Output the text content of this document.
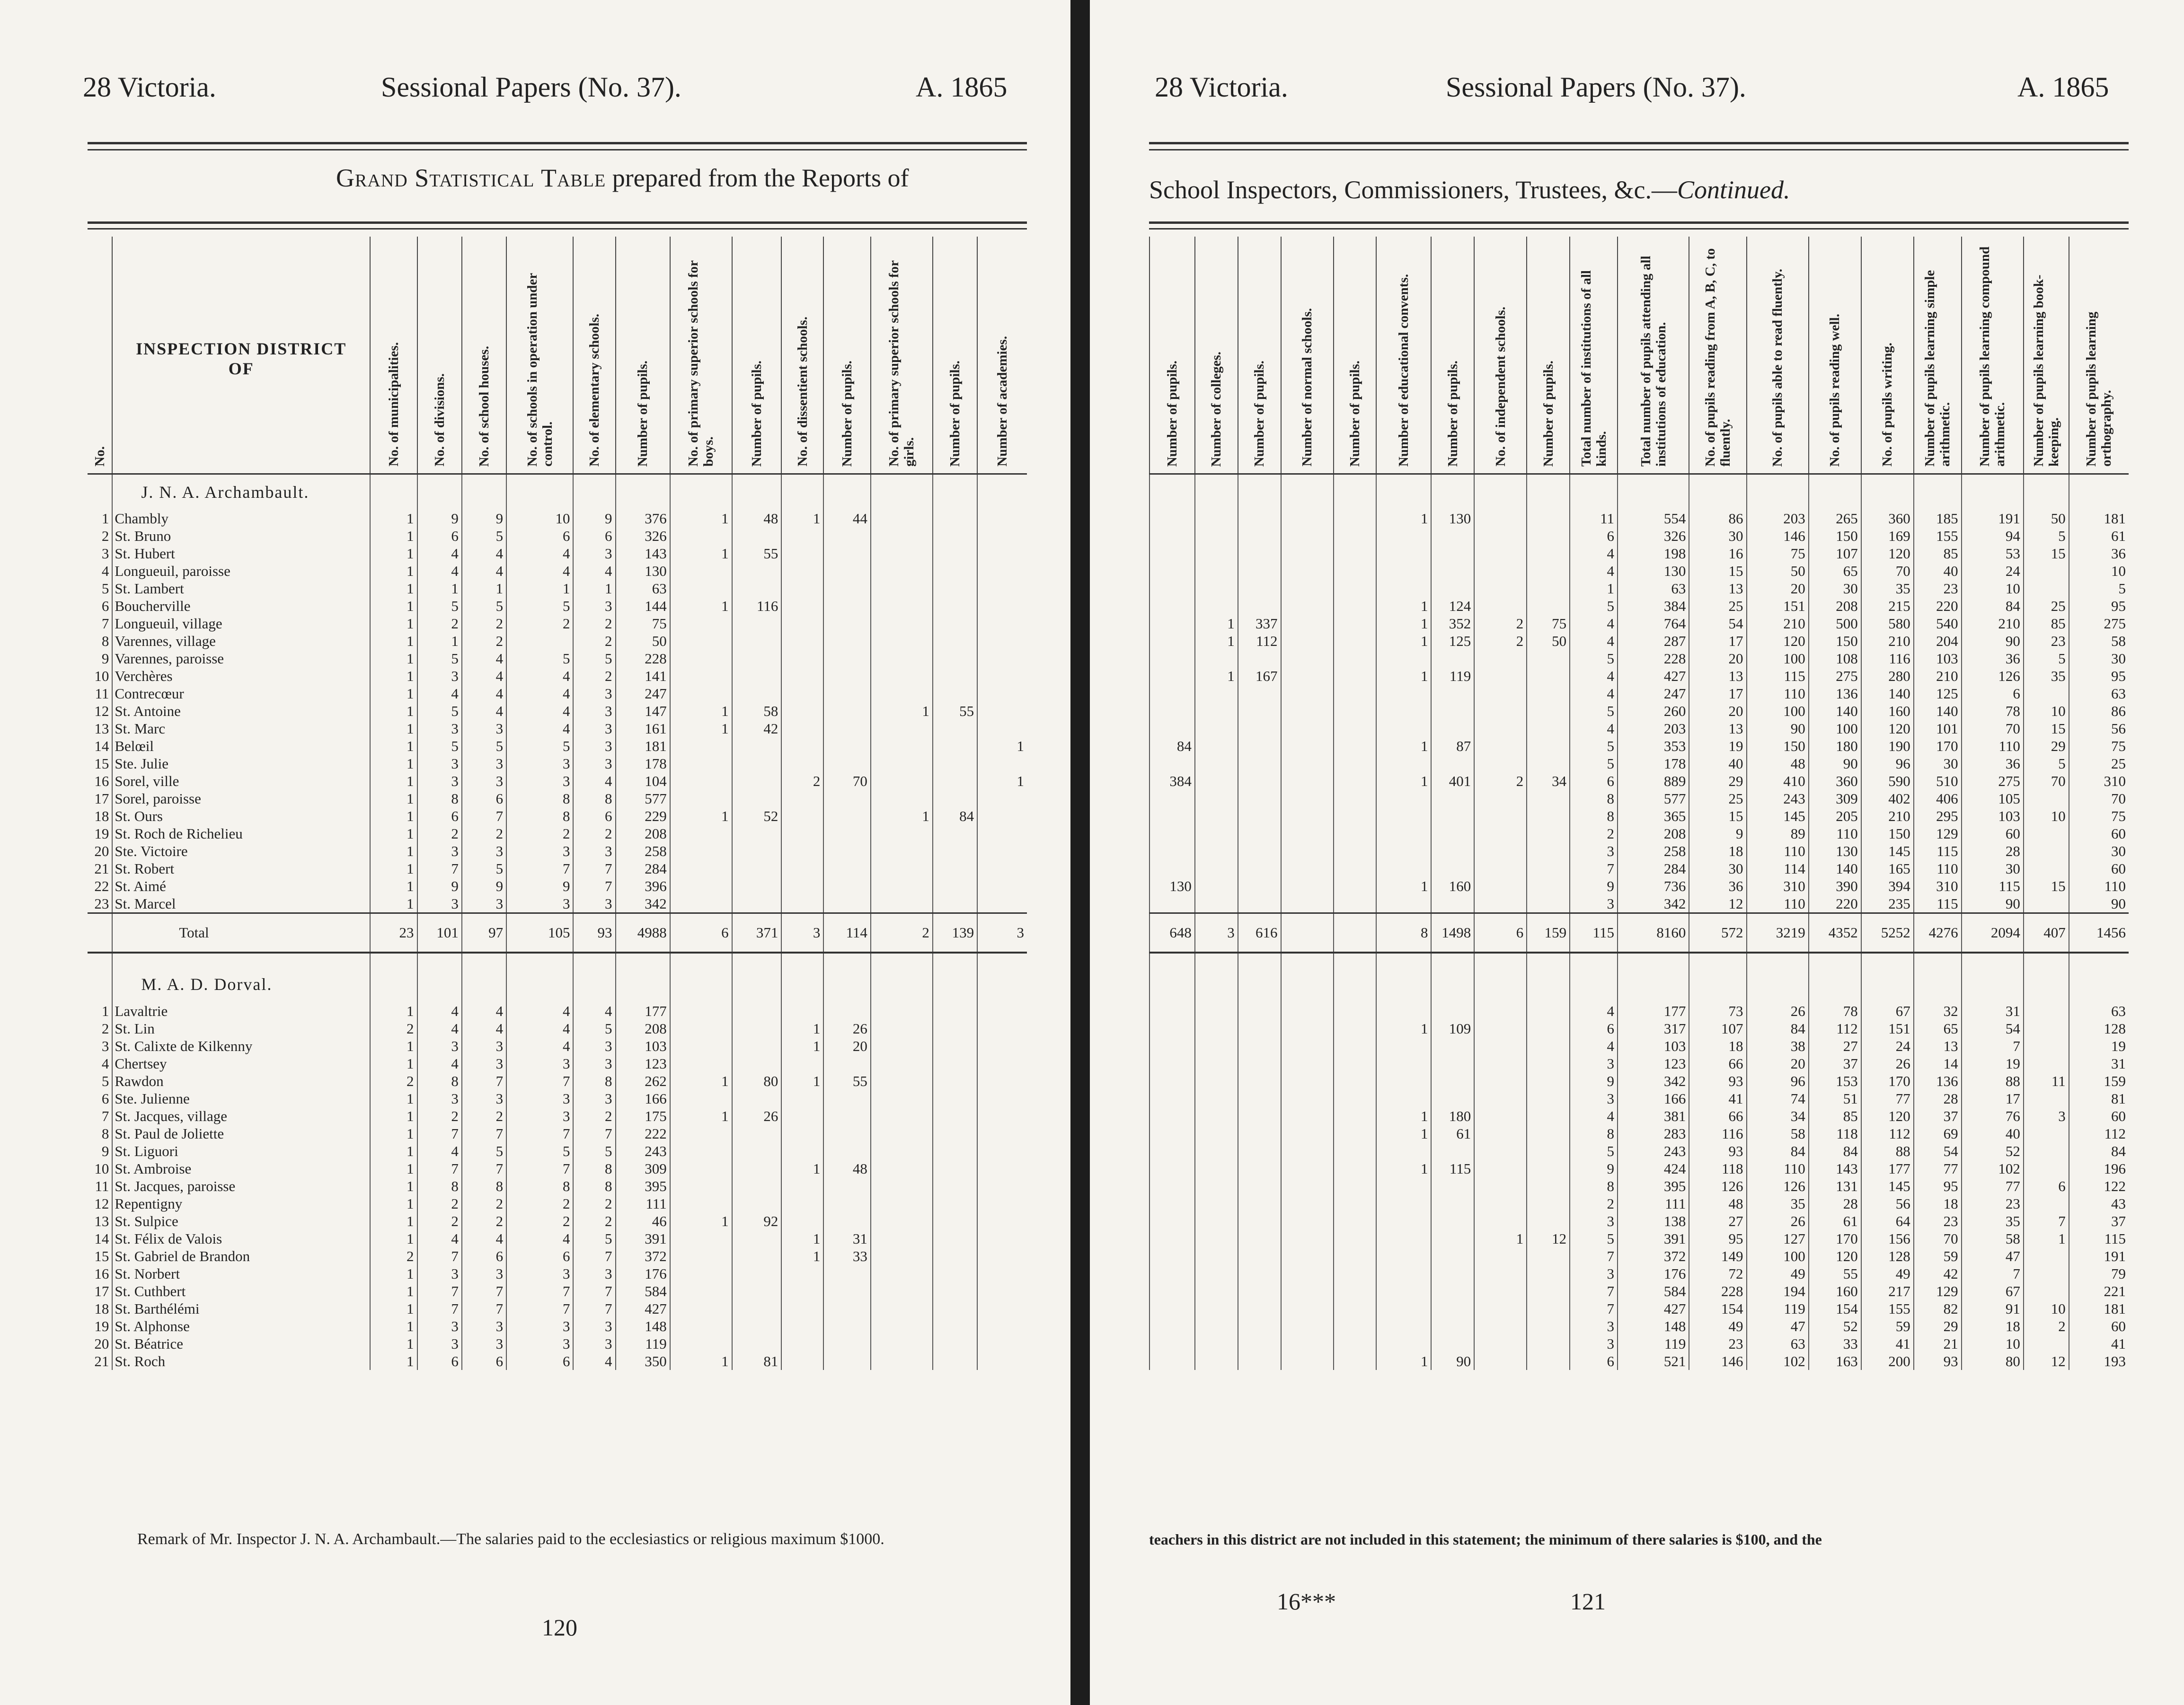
28 Victoria.	Sessional Papers (No. 37).	A. 1865
Grand Statistical Table prepared from the Reports of
No.	INSPECTION DISTRICT OF	No. of municipalities.	No. of divisions.	No. of school houses.	No. of schools in operation under control.	No. of elementary schools.	Number of pupils.	No. of primary superior schools for boys.	Number of pupils.	No. of dissentient schools.	Number of pupils.	No. of primary superior schools for girls.	Number of pupils.	Number of academies.
	J. N. A. Archambault.													
1	Chambly	1	9	9	10	9	376	1	48	1	44			
2	St. Bruno	1	6	5	6	6	326							
3	St. Hubert	1	4	4	4	3	143	1	55					
4	Longueuil, paroisse	1	4	4	4	4	130							
5	St. Lambert	1	1	1	1	1	63							
6	Boucherville	1	5	5	5	3	144	1	116					
7	Longueuil, village	1	2	2	2	2	75							
8	Varennes, village	1	1	2		2	50							
9	Varennes, paroisse	1	5	4	5	5	228							
10	Verchères	1	3	4	4	2	141							
11	Contrecœur	1	4	4	4	3	247							
12	St. Antoine	1	5	4	4	3	147	1	58			1	55	
13	St. Marc	1	3	3	4	3	161	1	42					
14	Belœil	1	5	5	5	3	181							1
15	Ste. Julie	1	3	3	3	3	178							
16	Sorel, ville	1	3	3	3	4	104			2	70			1
17	Sorel, paroisse	1	8	6	8	8	577							
18	St. Ours	1	6	7	8	6	229	1	52			1	84	
19	St. Roch de Richelieu	1	2	2	2	2	208							
20	Ste. Victoire	1	3	3	3	3	258							
21	St. Robert	1	7	5	7	7	284							
22	St. Aimé	1	9	9	9	7	396							
23	St. Marcel	1	3	3	3	3	342							
	Total	23	101	97	105	93	4988	6	371	3	114	2	139	3

	M. A. D. Dorval.													
1	Lavaltrie	1	4	4	4	4	177							
2	St. Lin	2	4	4	4	5	208			1	26			
3	St. Calixte de Kilkenny	1	3	3	4	3	103			1	20			
4	Chertsey	1	4	3	3	3	123							
5	Rawdon	2	8	7	7	8	262	1	80	1	55			
6	Ste. Julienne	1	3	3	3	3	166							
7	St. Jacques, village	1	2	2	3	2	175	1	26					
8	St. Paul de Joliette	1	7	7	7	7	222							
9	St. Liguori	1	4	5	5	5	243							
10	St. Ambroise	1	7	7	7	8	309			1	48			
11	St. Jacques, paroisse	1	8	8	8	8	395							
12	Repentigny	1	2	2	2	2	111							
13	St. Sulpice	1	2	2	2	2	46	1	92					
14	St. Félix de Valois	1	4	4	4	5	391			1	31			
15	St. Gabriel de Brandon	2	7	6	6	7	372			1	33			
16	St. Norbert	1	3	3	3	3	176							
17	St. Cuthbert	1	7	7	7	7	584							
18	St. Barthélémi	1	7	7	7	7	427							
19	St. Alphonse	1	3	3	3	3	148							
20	St. Béatrice	1	3	3	3	3	119							
21	St. Roch	1	6	6	6	4	350	1	81					
Remark of Mr. Inspector J. N. A. Archambault.—The salaries paid to the ecclesiastics or religious maximum $1000.
120
28 Victoria.	Sessional Papers (No. 37).	A. 1865
School Inspectors, Commissioners, Trustees, &c.—Continued.
Number of pupils.	Number of colleges.	Number of pupils.	Number of normal schools.	Number of pupils.	Number of educational convents.	Number of pupils.	No. of independent schools.	Number of pupils.	Total number of institutions of all kinds.	Total number of pupils attending all institutions of education.	No. of pupils reading from A, B, C, to fluently.	No. of pupils able to read fluently.	No. of pupils reading well.	No. of pupils writing.	Number of pupils learning simple arithmetic.	Number of pupils learning compound arithmetic.	Number of pupils learning book-keeping.	Number of pupils learning orthography.

					1	130			11	554	86	203	265	360	185	191	50	181
									6	326	30	146	150	169	155	94	5	61
									4	198	16	75	107	120	85	53	15	36
									4	130	15	50	65	70	40	24		10
									1	63	13	20	30	35	23	10		5
					1	124			5	384	25	151	208	215	220	84	25	95
	1	337			1	352	2	75	4	764	54	210	500	580	540	210	85	275
	1	112			1	125	2	50	4	287	17	120	150	210	204	90	23	58
									5	228	20	100	108	116	103	36	5	30
	1	167			1	119			4	427	13	115	275	280	210	126	35	95
									4	247	17	110	136	140	125	6		63
									5	260	20	100	140	160	140	78	10	86
									4	203	13	90	100	120	101	70	15	56
84					1	87			5	353	19	150	180	190	170	110	29	75
									5	178	40	48	90	96	30	36	5	25
384					1	401	2	34	6	889	29	410	360	590	510	275	70	310
									8	577	25	243	309	402	406	105		70
									8	365	15	145	205	210	295	103	10	75
									2	208	9	89	110	150	129	60		60
									3	258	18	110	130	145	115	28		30
									7	284	30	114	140	165	110	30		60
130					1	160			9	736	36	310	390	394	310	115	15	110
									3	342	12	110	220	235	115	90		90
648	3	616			8	1498	6	159	115	8160	572	3219	4352	5252	4276	2094	407	1456

									4	177	73	26	78	67	32	31		63
					1	109			6	317	107	84	112	151	65	54		128
									4	103	18	38	27	24	13	7		19
									3	123	66	20	37	26	14	19		31
									9	342	93	96	153	170	136	88	11	159
									3	166	41	74	51	77	28	17		81
					1	180			4	381	66	34	85	120	37	76	3	60
					1	61			8	283	116	58	118	112	69	40		112
									5	243	93	84	84	88	54	52		84
					1	115			9	424	118	110	143	177	77	102		196
									8	395	126	126	131	145	95	77	6	122
									2	111	48	35	28	56	18	23		43
									3	138	27	26	61	64	23	35	7	37
							1	12	5	391	95	127	170	156	70	58	1	115
									7	372	149	100	120	128	59	47		191
									3	176	72	49	55	49	42	7		79
									7	584	228	194	160	217	129	67		221
									7	427	154	119	154	155	82	91	10	181
									3	148	49	47	52	59	29	18	2	60
									3	119	23	63	33	41	21	10		41
					1	90			6	521	146	102	163	200	93	80	12	193
teachers in this district are not included in this statement; the minimum of there salaries is $100, and the
16***	121
